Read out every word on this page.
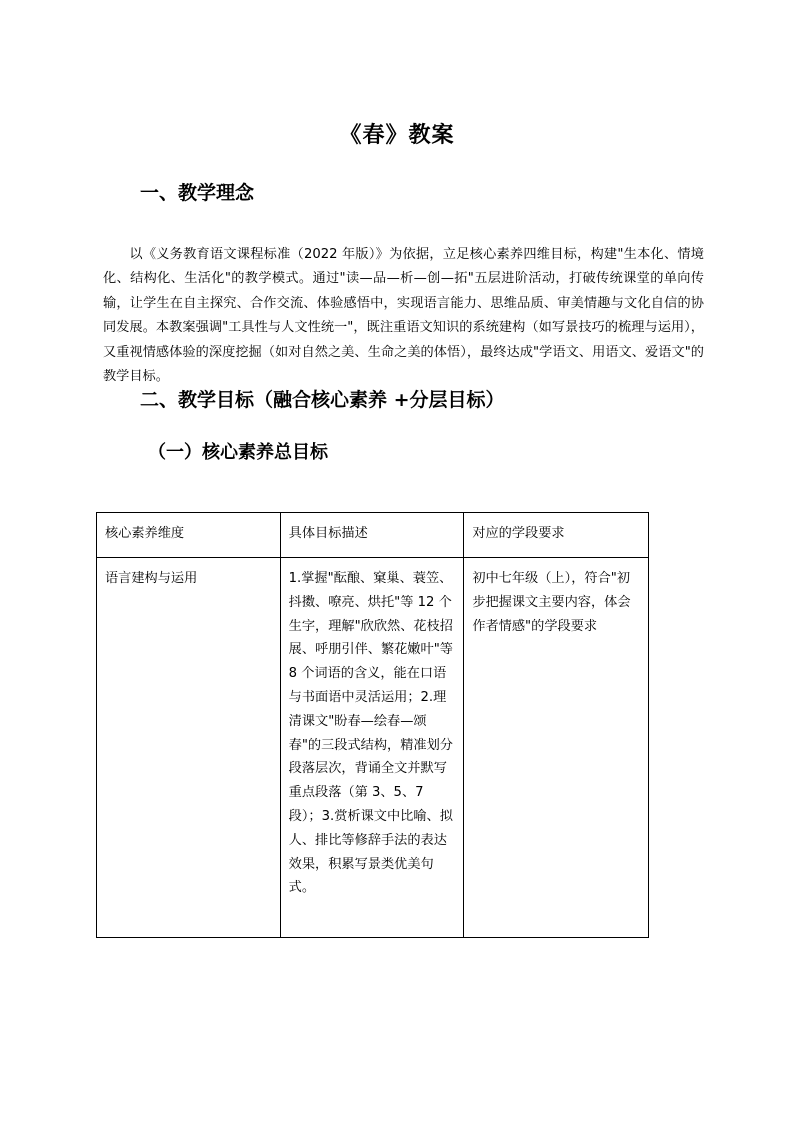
《春》教案
一、教学理念

以《义务教育语文课程标准（2022 年版）》为依据，立足核心素养四维目标，构建"生本化、情境化、结构化、生活化"的教学模式。通过"读—品—析—创—拓"五层进阶活动，打破传统课堂的单向传输，让学生在自主探究、合作交流、体验感悟中，实现语言能力、思维品质、审美情趣与文化自信的协同发展。本教案强调"工具性与人文性统一"，既注重语文知识的系统建构（如写景技巧的梳理与运用），又重视情感体验的深度挖掘（如对自然之美、生命之美的体悟），最终达成"学语文、用语文、爱语文"的教学目标。

二、教学目标（融合核心素养 +分层目标）
（一）核心素养总目标
核心素养维度	具体目标描述	对应的学段要求
语言建构与运用	1.掌握"酝酿、窠巢、蓑笠、抖擞、嘹亮、烘托"等 12 个生字，理解"欣欣然、花枝招展、呼朋引伴、繁花嫩叶"等 8 个词语的含义，能在口语与书面语中灵活运用；2.理清课文"盼春—绘春—颂春"的三段式结构，精准划分段落层次，背诵全文并默写重点段落（第 3、5、7 段）；3.赏析课文中比喻、拟人、排比等修辞手法的表达效果，积累写景类优美句式。	初中七年级（上），符合"初步把握课文主要内容，体会作者情感"的学段要求
